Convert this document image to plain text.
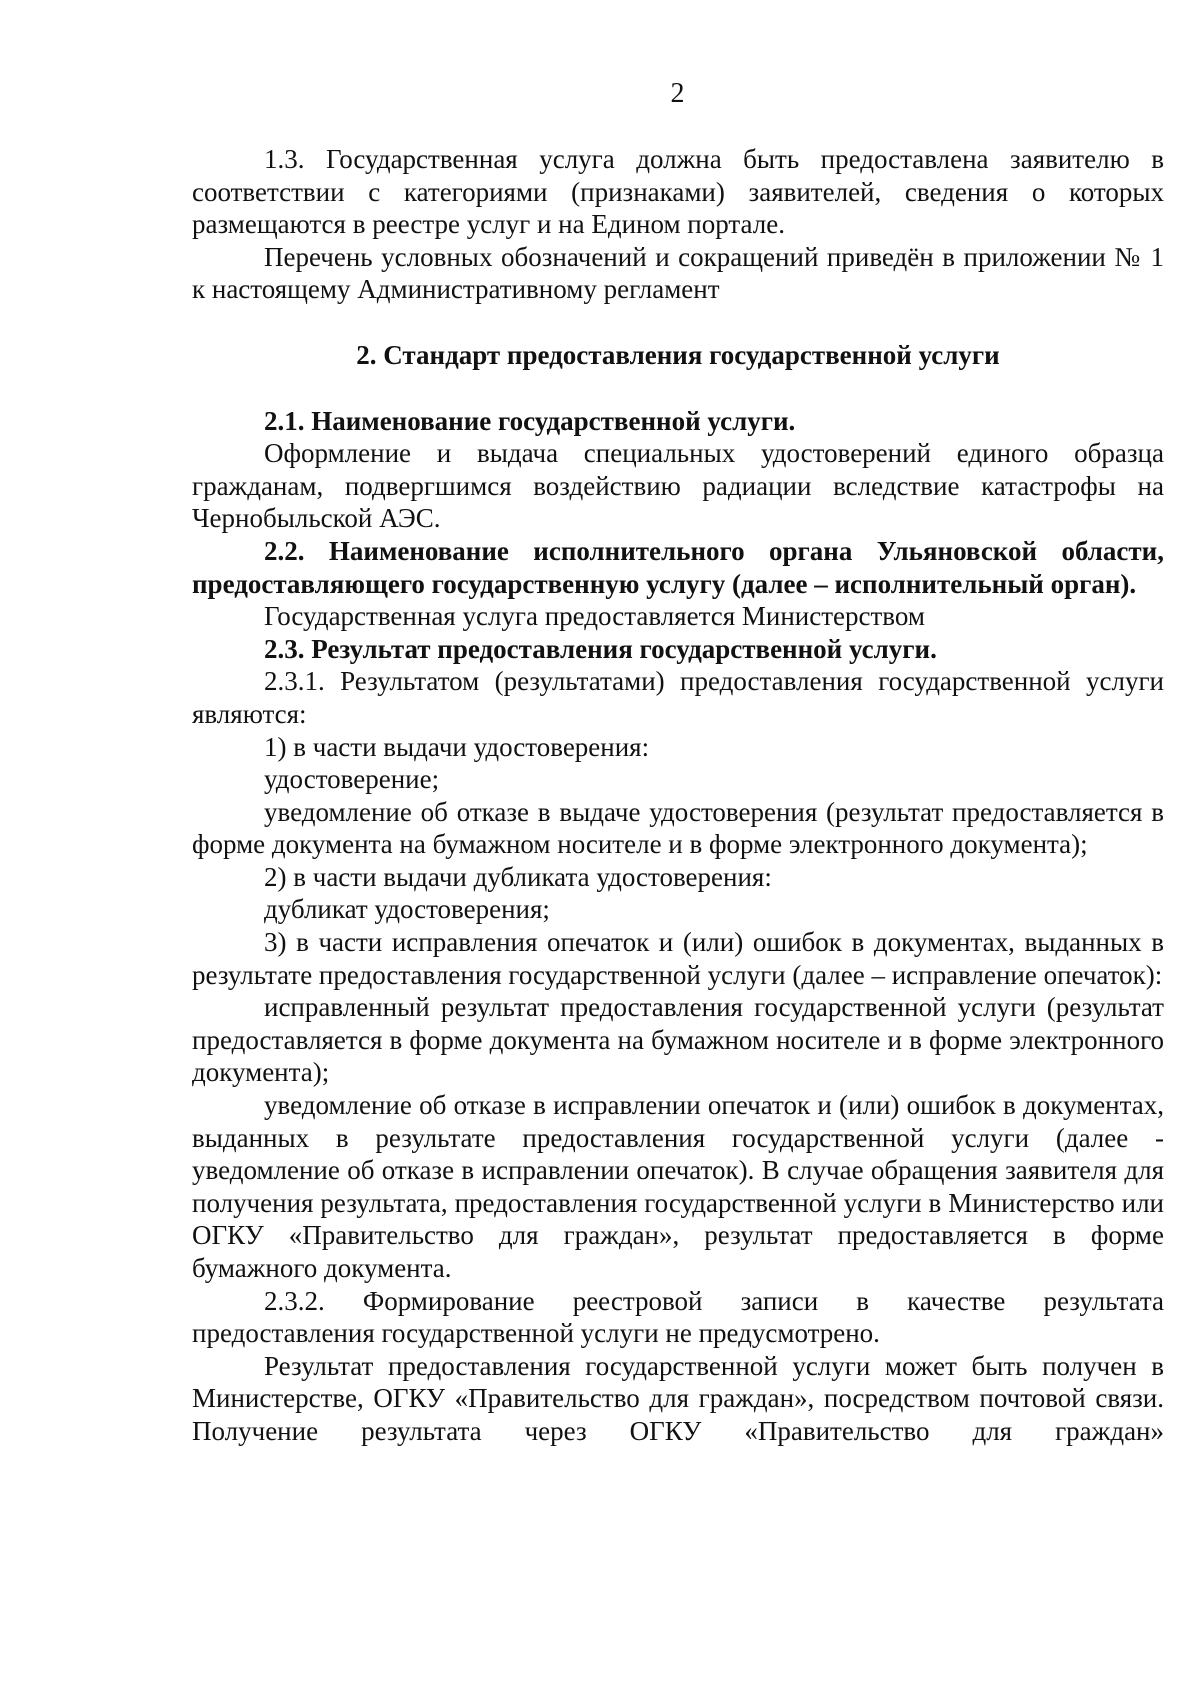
2

1.3. Государственная услуга должна быть предоставлена заявителю в соответствии с категориями (признаками) заявителей, сведения о которых размещаются в реестре услуг и на Едином портале.

Перечень условных обозначений и сокращений приведён в приложении № 1 к настоящему Административному регламент

2. Стандарт предоставления государственной услуги

2.1. Наименование государственной услуги.

Оформление и выдача специальных удостоверений единого образца гражданам, подвергшимся воздействию радиации вследствие катастрофы на Чернобыльской АЭС.

2.2. Наименование исполнительного органа Ульяновской области, предоставляющего государственную услугу (далее – исполнительный орган).

Государственная услуга предоставляется Министерством

2.3. Результат предоставления государственной услуги.

2.3.1. Результатом (результатами) предоставления государственной услуги являются:

1) в части выдачи удостоверения:

удостоверение;

уведомление об отказе в выдаче удостоверения (результат предоставляется в форме документа на бумажном носителе и в форме электронного документа);

2) в части выдачи дубликата удостоверения:

дубликат удостоверения;

3) в части исправления опечаток и (или) ошибок в документах, выданных в результате предоставления государственной услуги (далее – исправление опечаток):

исправленный результат предоставления государственной услуги (результат предоставляется в форме документа на бумажном носителе и в форме электронного документа);

уведомление об отказе в исправлении опечаток и (или) ошибок в документах, выданных в результате предоставления государственной услуги (далее - уведомление об отказе в исправлении опечаток). В случае обращения заявителя для получения результата, предоставления государственной услуги в Министерство или ОГКУ «Правительство для граждан», результат предоставляется в форме бумажного документа.

2.3.2. Формирование реестровой записи в качестве результата предоставления государственной услуги не предусмотрено.

Результат предоставления государственной услуги может быть получен в Министерстве, ОГКУ «Правительство для граждан», посредством почтовой связи. Получение результата через ОГКУ «Правительство для граждан»
